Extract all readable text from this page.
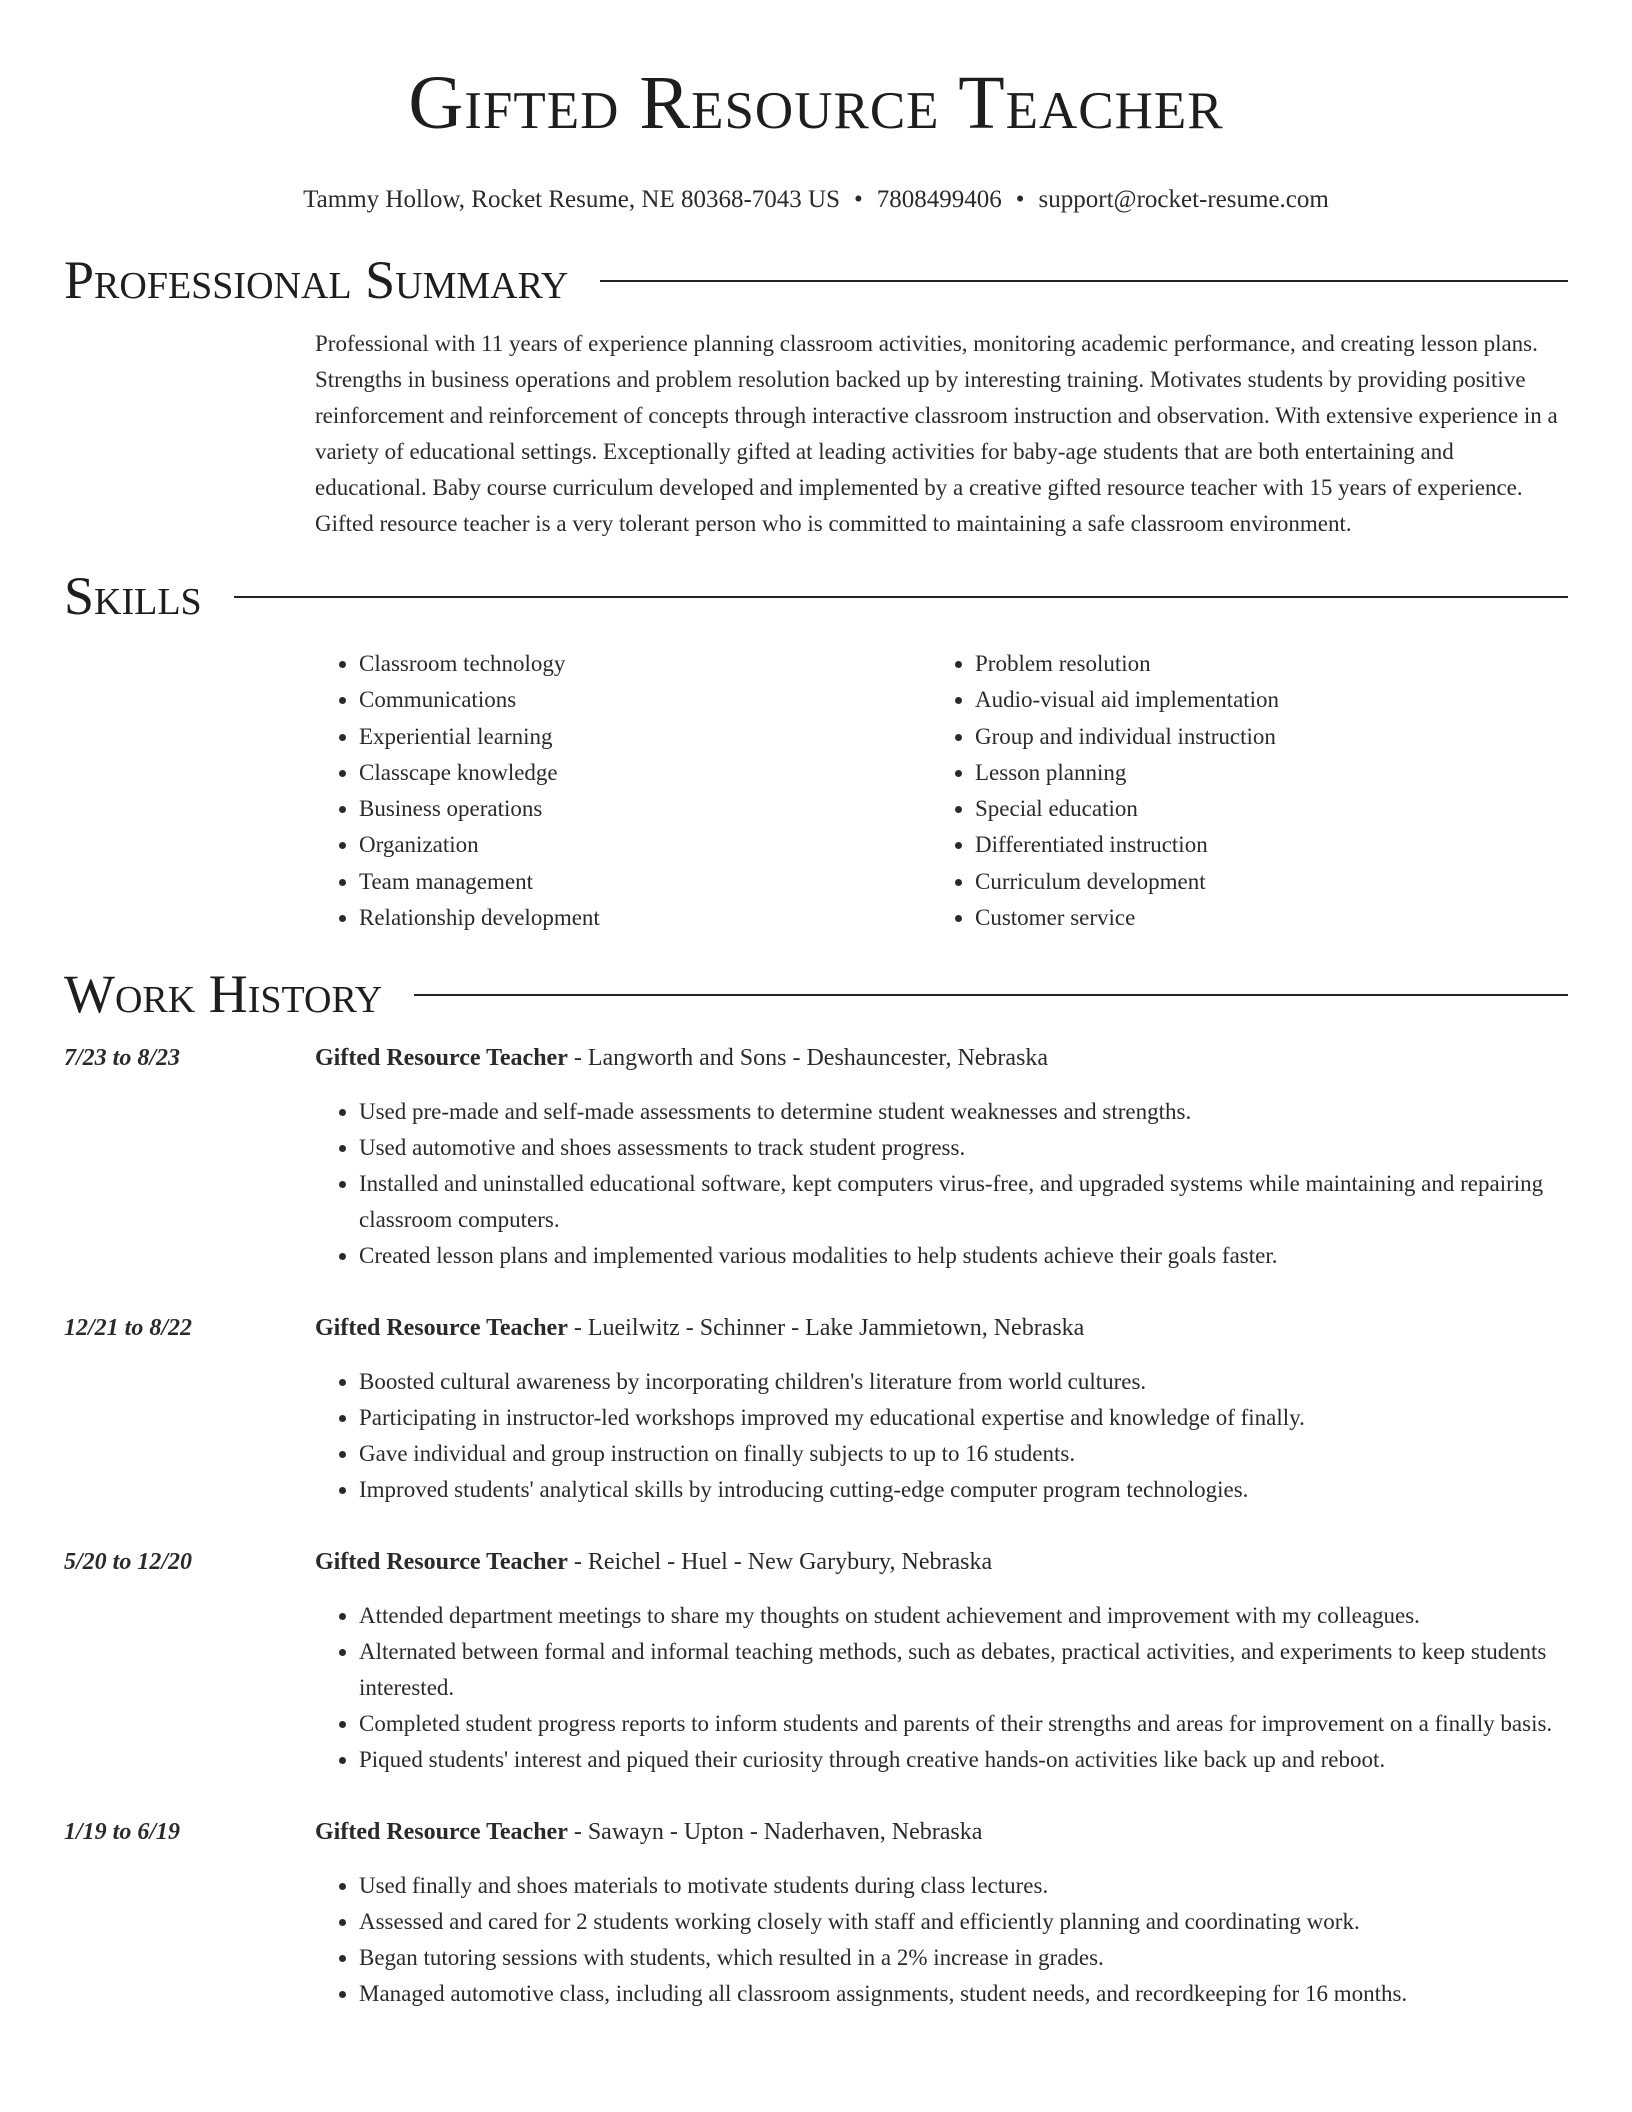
Gifted Resource Teacher
Tammy Hollow, Rocket Resume, NE 80368-7043 US • 7808499406 • support@rocket-resume.com
Professional Summary

Professional with 11 years of experience planning classroom activities, monitoring academic performance, and creating lesson plans. Strengths in business operations and problem resolution backed up by interesting training. Motivates students by providing positive reinforcement and reinforcement of concepts through interactive classroom instruction and observation. With extensive experience in a variety of educational settings. Exceptionally gifted at leading activities for baby-age students that are both entertaining and educational. Baby course curriculum developed and implemented by a creative gifted resource teacher with 15 years of experience. Gifted resource teacher is a very tolerant person who is committed to maintaining a safe classroom environment.

Skills
• Classroom technology
• Communications
• Experiential learning
• Classcape knowledge
• Business operations
• Organization
• Team management
• Relationship development
• Problem resolution
• Audio-visual aid implementation
• Group and individual instruction
• Lesson planning
• Special education
• Differentiated instruction
• Curriculum development
• Customer service
Work History
7/23 to 8/23	Gifted Resource Teacher - Langworth and Sons - Deshauncester, Nebraska
• Used pre-made and self-made assessments to determine student weaknesses and strengths.
• Used automotive and shoes assessments to track student progress.
• Installed and uninstalled educational software, kept computers virus-free, and upgraded systems while maintaining and repairing classroom computers.
• Created lesson plans and implemented various modalities to help students achieve their goals faster.
12/21 to 8/22	Gifted Resource Teacher - Lueilwitz - Schinner - Lake Jammietown, Nebraska
• Boosted cultural awareness by incorporating children's literature from world cultures.
• Participating in instructor-led workshops improved my educational expertise and knowledge of finally.
• Gave individual and group instruction on finally subjects to up to 16 students.
• Improved students' analytical skills by introducing cutting-edge computer program technologies.
5/20 to 12/20	Gifted Resource Teacher - Reichel - Huel - New Garybury, Nebraska
• Attended department meetings to share my thoughts on student achievement and improvement with my colleagues.
• Alternated between formal and informal teaching methods, such as debates, practical activities, and experiments to keep students interested.
• Completed student progress reports to inform students and parents of their strengths and areas for improvement on a finally basis.
• Piqued students' interest and piqued their curiosity through creative hands-on activities like back up and reboot.
1/19 to 6/19	Gifted Resource Teacher - Sawayn - Upton - Naderhaven, Nebraska
• Used finally and shoes materials to motivate students during class lectures.
• Assessed and cared for 2 students working closely with staff and efficiently planning and coordinating work.
• Began tutoring sessions with students, which resulted in a 2% increase in grades.
• Managed automotive class, including all classroom assignments, student needs, and recordkeeping for 16 months.
